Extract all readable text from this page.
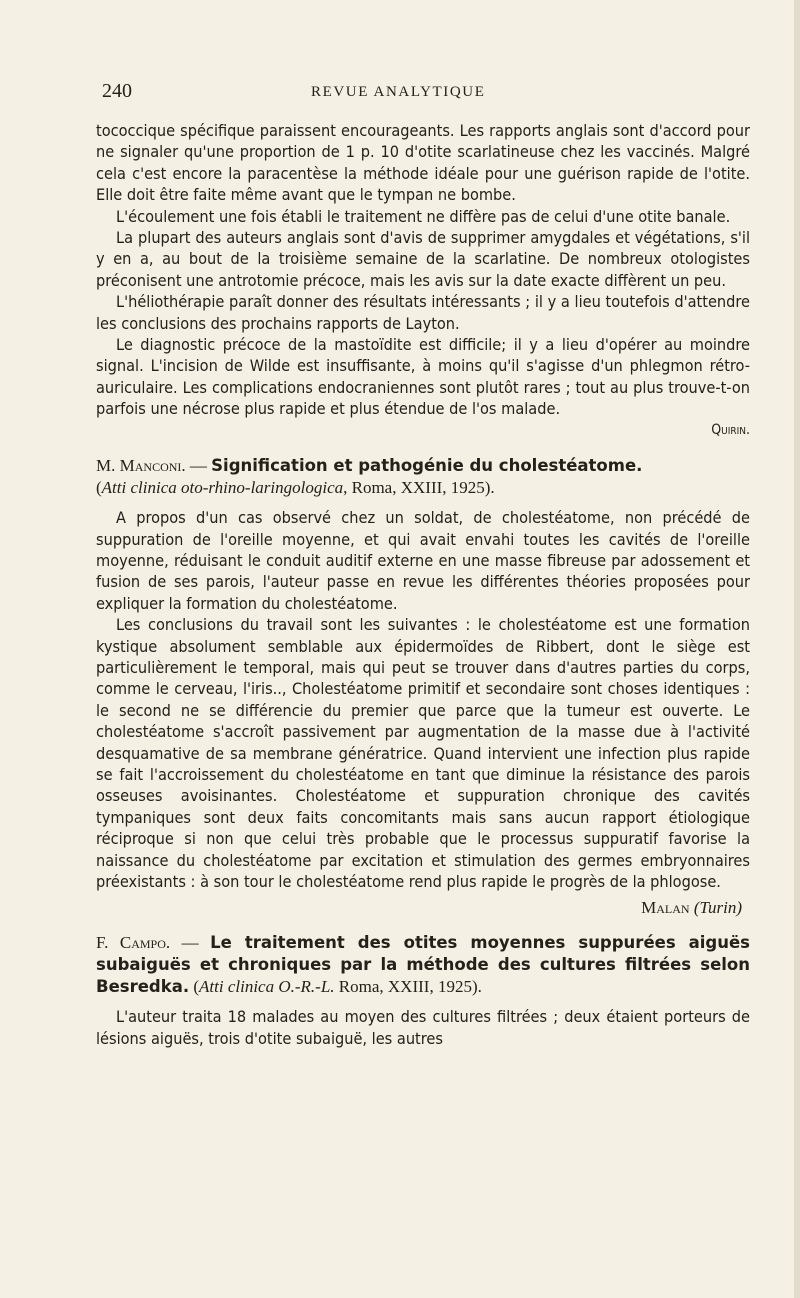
240	REVUE ANALYTIQUE

tococcique spécifique paraissent encourageants. Les rapports anglais sont d'accord pour ne signaler qu'une proportion de 1 p. 10 d'otite scarlatineuse chez les vaccinés. Malgré cela c'est encore la paracentèse la méthode idéale pour une guérison rapide de l'otite. Elle doit être faite même avant que le tympan ne bombe.

L'écoulement une fois établi le traitement ne diffère pas de celui d'une otite banale.

La plupart des auteurs anglais sont d'avis de supprimer amygdales et végétations, s'il y en a, au bout de la troisième semaine de la scarlatine. De nombreux otologistes préconisent une antrotomie précoce, mais les avis sur la date exacte diffèrent un peu.

L'héliothérapie paraît donner des résultats intéressants ; il y a lieu toutefois d'attendre les conclusions des prochains rapports de Layton.

Le diagnostic précoce de la mastoïdite est difficile; il y a lieu d'opérer au moindre signal. L'incision de Wilde est insuffisante, à moins qu'il s'agisse d'un phlegmon rétro-auriculaire. Les complications endocraniennes sont plutôt rares ; tout au plus trouve-t-on parfois une nécrose plus rapide et plus étendue de l'os malade.

Quirin.

M. Manconi. — Signification et pathogénie du cholestéatome.
(Atti clinica oto-rhino-laringologica, Roma, XXIII, 1925).

A propos d'un cas observé chez un soldat, de cholestéatome, non précédé de suppuration de l'oreille moyenne, et qui avait envahi toutes les cavités de l'oreille moyenne, réduisant le conduit auditif externe en une masse fibreuse par adossement et fusion de ses parois, l'auteur passe en revue les différentes théories proposées pour expliquer la formation du cholestéatome.

Les conclusions du travail sont les suivantes : le cholestéatome est une formation kystique absolument semblable aux épidermoïdes de Ribbert, dont le siège est particulièrement le temporal, mais qui peut se trouver dans d'autres parties du corps, comme le cerveau, l'iris.., Cholestéatome primitif et secondaire sont choses identiques : le second ne se différencie du premier que parce que la tumeur est ouverte. Le cholestéatome s'accroît passivement par augmentation de la masse due à l'activité desquamative de sa membrane génératrice. Quand intervient une infection plus rapide se fait l'accroissement du cholestéatome en tant que diminue la résistance des parois osseuses avoisinantes. Cholestéatome et suppuration chronique des cavités tympaniques sont deux faits concomitants mais sans aucun rapport étiologique réciproque si non que celui très probable que le processus suppuratif favorise la naissance du cholestéatome par excitation et stimulation des germes embryonnaires préexistants : à son tour le cholestéatome rend plus rapide le progrès de la phlogose.

Malan (Turin)
F. Campo. — Le traitement des otites moyennes suppurées aiguës subaiguës et chroniques par la méthode des cultures filtrées selon Besredka. (Atti clinica O.-R.-L. Roma, XXIII, 1925).

L'auteur traita 18 malades au moyen des cultures filtrées ; deux étaient porteurs de lésions aiguës, trois d'otite subaiguë, les autres
